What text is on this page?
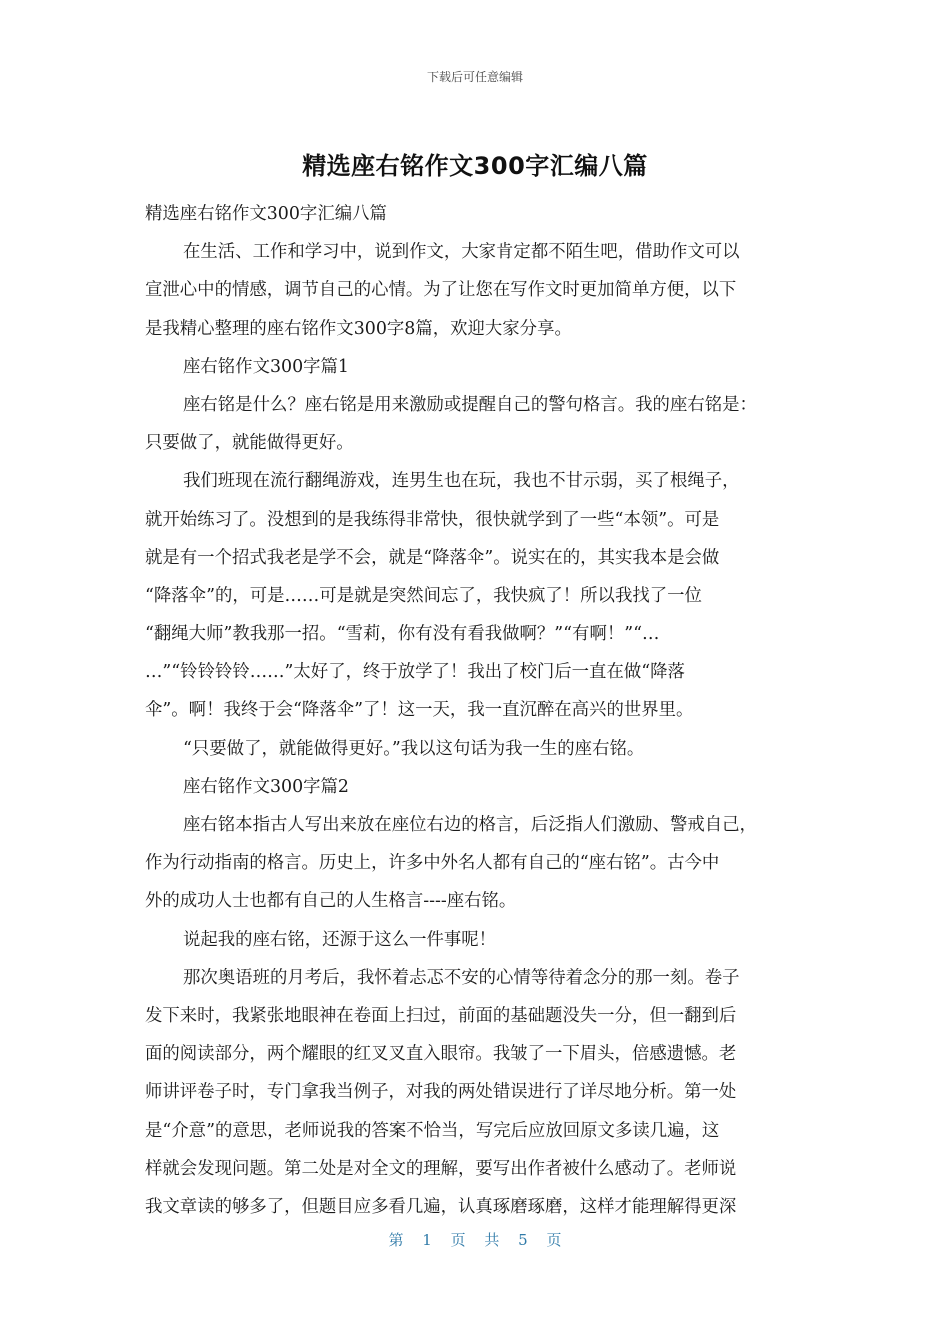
下载后可任意编辑
精选座右铭作文300字汇编八篇
精选座右铭作文300字汇编八篇
在生活、工作和学习中，说到作文，大家肯定都不陌生吧，借助作文可以
宣泄心中的情感，调节自己的心情。为了让您在写作文时更加简单方便，以下
是我精心整理的座右铭作文300字8篇，欢迎大家分享。
座右铭作文300字篇1
座右铭是什么？座右铭是用来激励或提醒自己的警句格言。我的座右铭是：
只要做了，就能做得更好。
我们班现在流行翻绳游戏，连男生也在玩，我也不甘示弱，买了根绳子，
就开始练习了。没想到的是我练得非常快，很快就学到了一些“本领”。可是
就是有一个招式我老是学不会，就是“降落伞”。说实在的，其实我本是会做
“降落伞”的，可是……可是就是突然间忘了，我快疯了！所以我找了一位
“翻绳大师”教我那一招。“雪莉，你有没有看我做啊？”“有啊！”“…
…”“铃铃铃铃……”太好了，终于放学了！我出了校门后一直在做“降落
伞”。啊！我终于会“降落伞”了！这一天，我一直沉醉在高兴的世界里。
“只要做了，就能做得更好。”我以这句话为我一生的座右铭。
座右铭作文300字篇2
座右铭本指古人写出来放在座位右边的格言，后泛指人们激励、警戒自己，
作为行动指南的格言。历史上，许多中外名人都有自己的“座右铭”。古今中
外的成功人士也都有自己的人生格言----座右铭。
说起我的座右铭，还源于这么一件事呢！
那次奥语班的月考后，我怀着忐忑不安的心情等待着念分的那一刻。卷子
发下来时，我紧张地眼神在卷面上扫过，前面的基础题没失一分，但一翻到后
面的阅读部分，两个耀眼的红叉叉直入眼帘。我皱了一下眉头，倍感遗憾。老
师讲评卷子时，专门拿我当例子，对我的两处错误进行了详尽地分析。第一处
是“介意”的意思，老师说我的答案不恰当，写完后应放回原文多读几遍，这
样就会发现问题。第二处是对全文的理解，要写出作者被什么感动了。老师说
我文章读的够多了，但题目应多看几遍，认真琢磨琢磨，这样才能理解得更深
第 1 页 共 5 页
